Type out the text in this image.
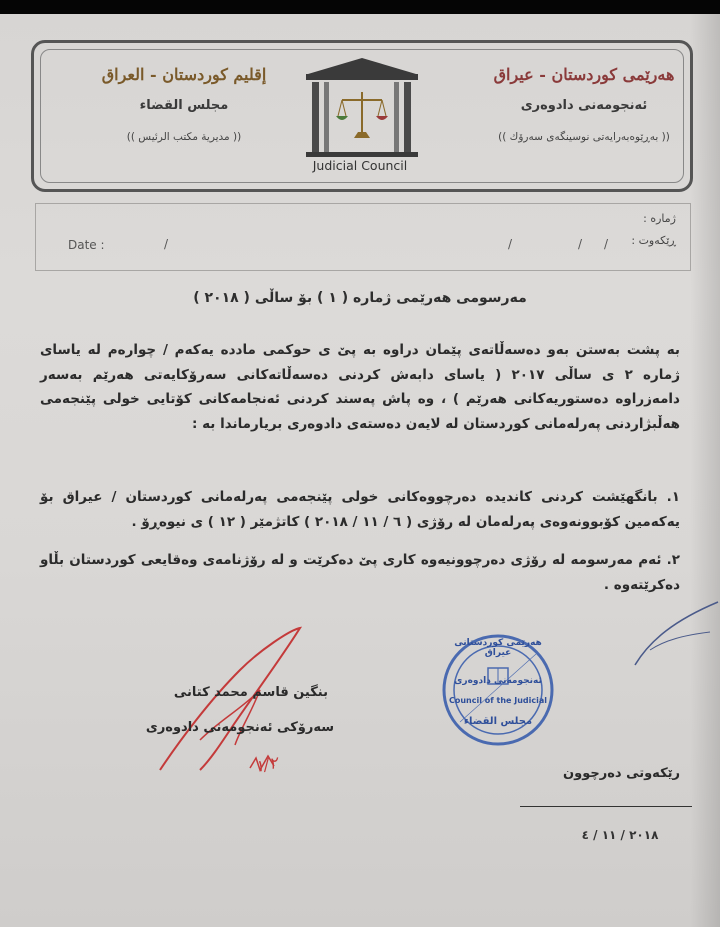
إقليم كوردستان - العراق
مجلس القضاء
(( مديرية مكتب الرئيس ))
هەرێمی کوردستان - عیراق
ئەنجومەنی دادوەری
(( بەڕێوەبەرایەتی نوسینگەی سەرۆك ))
Judicial Council
ژمارە :
ڕێکەوت :
Date :	/	/	/ /
مەرسومی هەرێمی ژمارە ( ١ ) بۆ ساڵی ( ٢٠١٨ )
بە پشت بەستن بەو دەسەڵاتەی پێمان دراوە بە پێ ی حوکمی ماددە یەکەم / چوارەم لە یاسای ژمارە ٢ ی ساڵی ٢٠١٧ ( یاسای دابەش کردنی دەسەڵاتەکانی سەرۆکایەتی هەرێم بەسەر دامەزراوە دەستوریەکانی هەرێم ) ، وە پاش پەسند کردنی ئەنجامەکانی کۆتایی خولی پێنجەمی هەڵبژاردنی پەرلەمانی کوردستان لە لایەن دەستەی دادوەری بریارماندا بە :
١. بانگهێشت کردنی کاندیدە دەرچووەکانی خولی پێنجەمی پەرلەمانی کوردستان / عیراق بۆ یەکەمین کۆبوونەوەی پەرلەمان لە رۆژی ( ٦ / ١١ / ٢٠١٨ ) کاتژمێر ( ١٢ ) ی نیوەڕۆ .
٢. ئەم مەرسومە لە رۆژی دەرچوونیەوە کاری پێ دەکرێت و لە رۆژنامەی وەقایعی کوردستان بڵاو دەکرێتەوە .
بنگین قاسم محمد کتانی
سەرۆکی ئەنجومەنی دادوەری
هەرێمی کوردستانی عیراق
ئەنجومەنی دادوەری
Council of the Judicial
مجلس القضاء
١/٢	رێکەوتی دەرچوون
٢٠١٨ / ١١ / ٤
